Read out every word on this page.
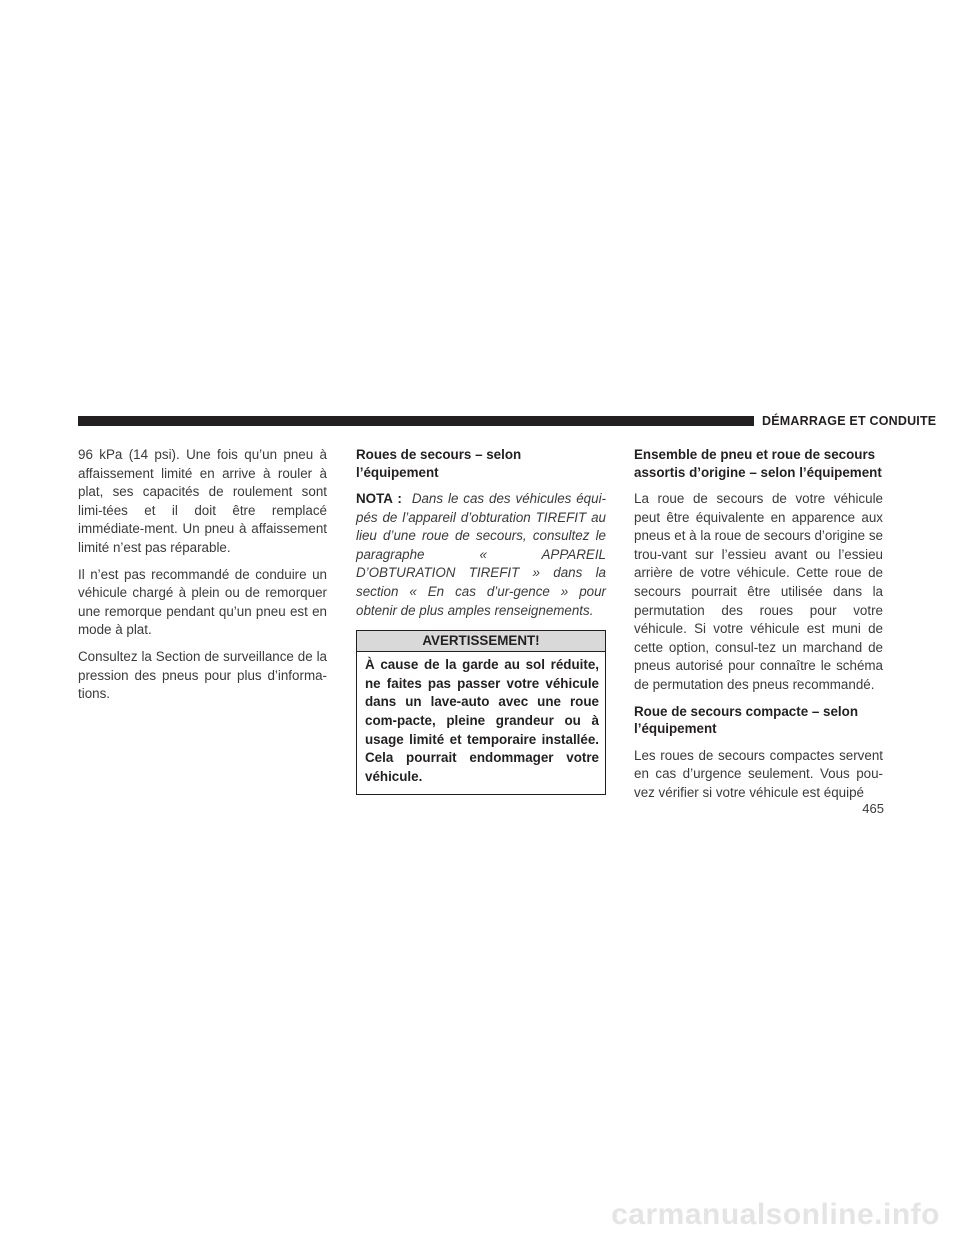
DÉMARRAGE ET CONDUITE

96 kPa (14 psi). Une fois qu’un pneu à affaissement limité en arrive à rouler à plat, ses capacités de roulement sont limi-tées et il doit être remplacé immédiate-ment. Un pneu à affaissement limité n’est pas réparable.

Il n’est pas recommandé de conduire un véhicule chargé à plein ou de remorquer une remorque pendant qu’un pneu est en mode à plat.

Consultez la Section de surveillance de la pression des pneus pour plus d’informa-tions.

Roues de secours – selon l’équipement

NOTA : Dans le cas des véhicules équi-pés de l’appareil d’obturation TIREFIT au lieu d’une roue de secours, consultez le paragraphe « APPAREIL D’OBTURATION TIREFIT » dans la section « En cas d’ur-gence » pour obtenir de plus amples renseignements.

AVERTISSEMENT!
À cause de la garde au sol réduite, ne faites pas passer votre véhicule dans un lave-auto avec une roue com-pacte, pleine grandeur ou à usage limité et temporaire installée. Cela pourrait endommager votre véhicule.
Ensemble de pneu et roue de secours assortis d’origine – selon l’équipement

La roue de secours de votre véhicule peut être équivalente en apparence aux pneus et à la roue de secours d’origine se trou-vant sur l’essieu avant ou l’essieu arrière de votre véhicule. Cette roue de secours pourrait être utilisée dans la permutation des roues pour votre véhicule. Si votre véhicule est muni de cette option, consul-tez un marchand de pneus autorisé pour connaître le schéma de permutation des pneus recommandé.

Roue de secours compacte – selon l’équipement

Les roues de secours compactes servent en cas d’urgence seulement. Vous pou-vez vérifier si votre véhicule est équipé

465
carmanualsonline.info
